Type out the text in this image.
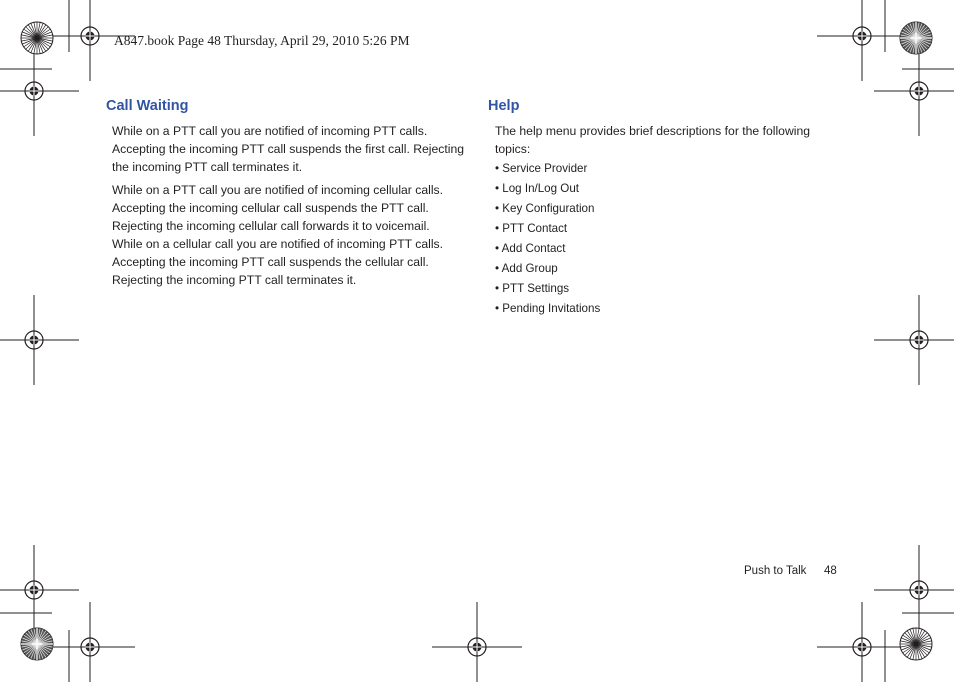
A847.book Page 48 Thursday, April 29, 2010 5:26 PM
Call Waiting
While on a PTT call you are notified of incoming PTT calls.
Accepting the incoming PTT call suspends the first call. Rejecting
the incoming PTT call terminates it.
While on a PTT call you are notified of incoming cellular calls.
Accepting the incoming cellular call suspends the PTT call.
Rejecting the incoming cellular call forwards it to voicemail.
While on a cellular call you are notified of incoming PTT calls.
Accepting the incoming PTT call suspends the cellular call.
Rejecting the incoming PTT call terminates it.
Help
The help menu provides brief descriptions for the following
topics:
• Service Provider
• Log In/Log Out
• Key Configuration
• PTT Contact
• Add Contact
• Add Group
• PTT Settings
• Pending Invitations
Push to Talk 48
